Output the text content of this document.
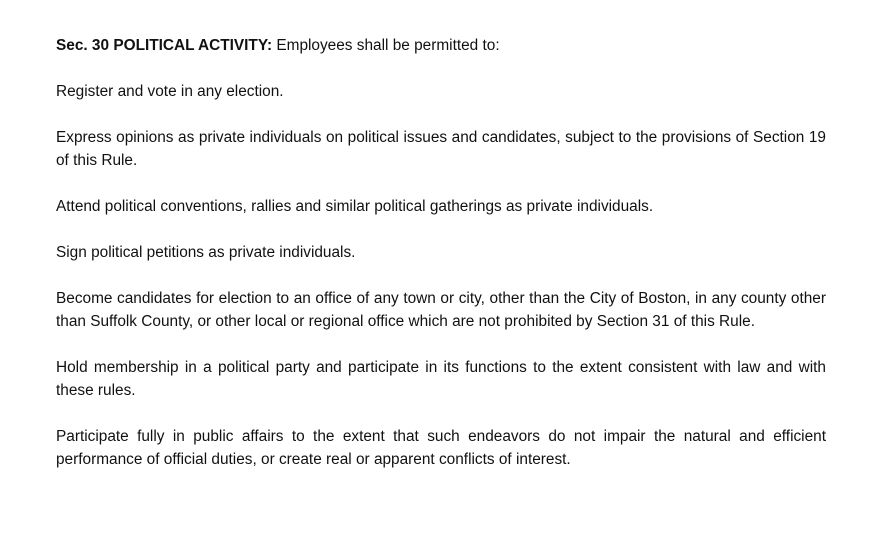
Sec. 30 POLITICAL ACTIVITY: Employees shall be permitted to:

Register and vote in any election.

Express opinions as private individuals on political issues and candidates, subject to the provisions of Section 19 of this Rule.

Attend political conventions, rallies and similar political gatherings as private individuals.

Sign political petitions as private individuals.

Become candidates for election to an office of any town or city, other than the City of Boston, in any county other than Suffolk County, or other local or regional office which are not prohibited by Section 31 of this Rule.

Hold membership in a political party and participate in its functions to the extent consistent with law and with these rules.

Participate fully in public affairs to the extent that such endeavors do not impair the natural and efficient performance of official duties, or create real or apparent conflicts of interest.
